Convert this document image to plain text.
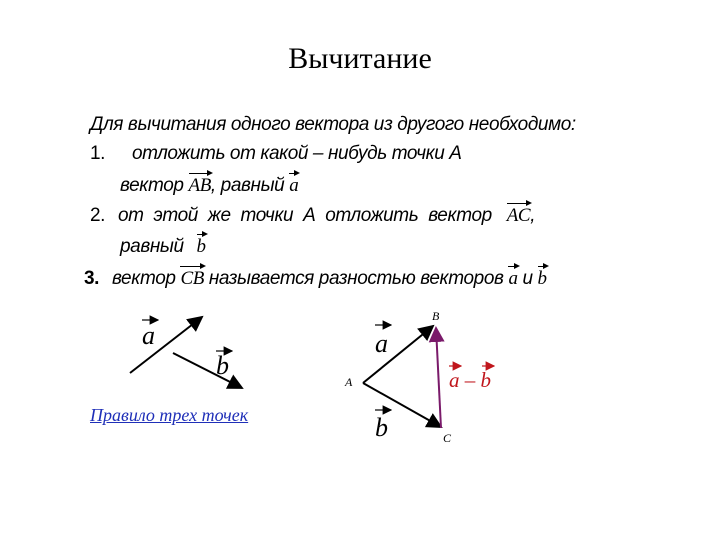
Вычитание
Для вычитания одного вектора из другого необходимо:
1. отложить от какой – нибудь точки А
вектор AB, равный a
2. от этой же точки А отложить вектор AC,
равный b
3. вектор CB называется разностью векторов a и b
a
b
A
B
C
a
b
a – b
Правило трех точек
